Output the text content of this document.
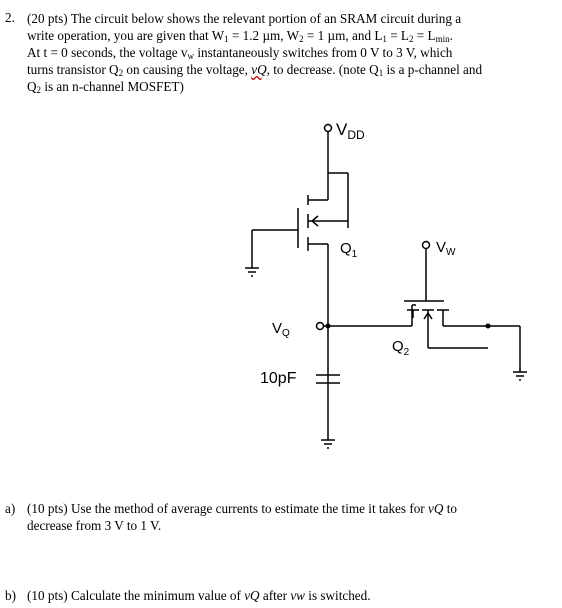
2. (20 pts) The circuit below shows the relevant portion of an SRAM circuit during a
write operation, you are given that $W_1 = 1.2$ µm, $W_2 = 1$ µm, and $L_1 = L_2 = L_{min}$.
At t = 0 seconds, the voltage $v_w$ instantaneously switches from 0 V to 3 V, which
turns transistor $Q_2$ on causing the voltage, vQ, to decrease. (note $Q_1$ is a p-channel and
$Q_2$ is an n-channel MOSFET)
$V_{DD}$
$Q_1$	$V_W$
$V_Q$
$Q_2$
10pF
a) (10 pts) Use the method of average currents to estimate the time it takes for vQ to
decrease from 3 V to 1 V.
b) (10 pts) Calculate the minimum value of vQ after vw is switched.
